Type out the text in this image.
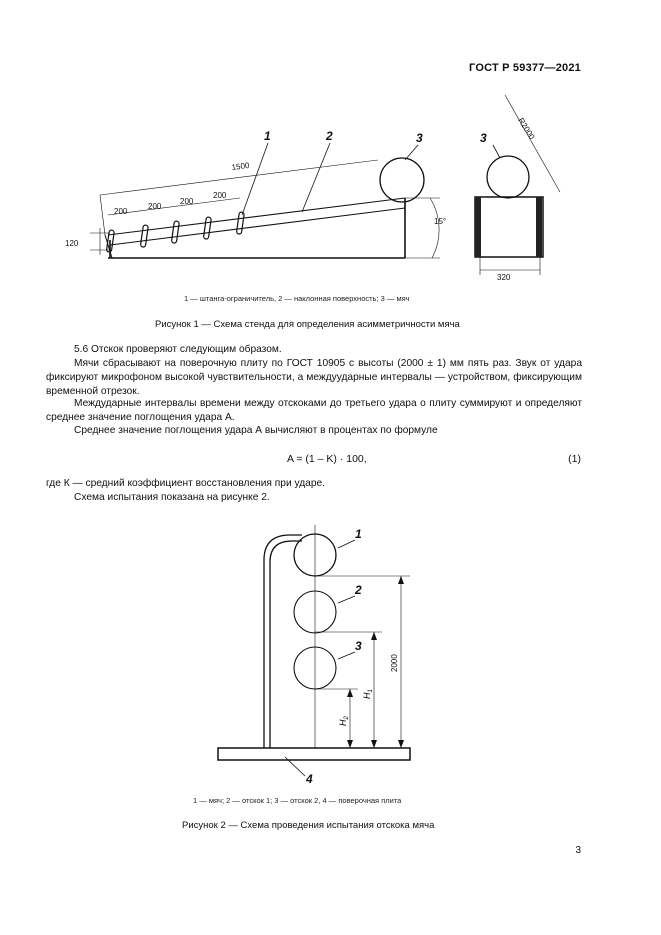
ГОСТ Р 59377—2021
1500
200
200
200
200
120
15°
R2000
320
1	2	3	3
1 — штанга-ограничитель, 2 — наклонная поверхность; 3 — мяч
Рисунок 1 — Схема стенда для определения асимметричности мяча
5.6 Отскок проверяют следующим образом.
Мячи сбрасывают на поверочную плиту по ГОСТ 10905 с высоты (2000 ± 1) мм пять раз. Звук от удара фиксируют микрофоном высокой чувствительности, а междуударные интервалы — устройством, фиксирующим временной отрезок.
Междударные интервалы времени между отскоками до третьего удара о плиту суммируют и определяют среднее значение поглощения удара А.
Среднее значение поглощения удара А вычисляют в процентах по формуле
A = (1 – K) · 100,	(1)
где К — средний коэффициент восстановления при ударе.
Схема испытания показана на рисунке 2.
1
2
3
4
2000
$H_1$
$H_2$
1 — мяч; 2 — отскок 1; 3 — отскок 2, 4 — поверочная плита
Рисунок 2 — Схема проведения испытания отскока мяча
3
